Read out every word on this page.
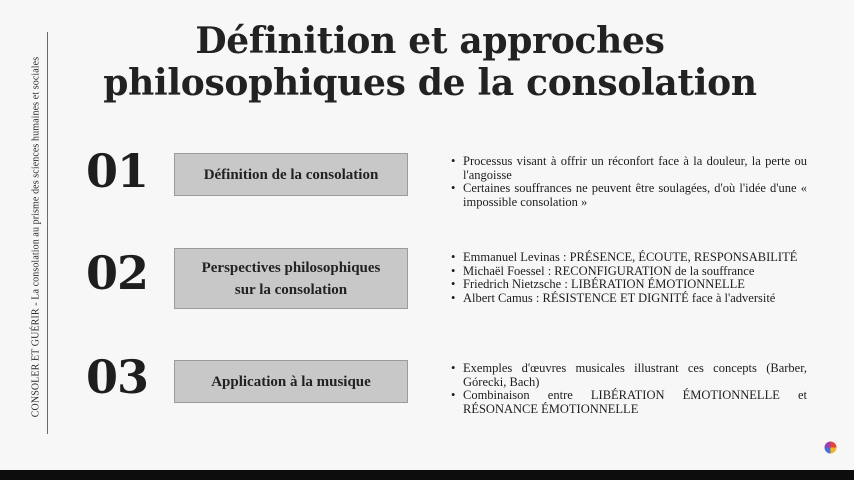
CONSOLER ET GUÉRIR - La consolation au prisme des sciences humaines et sociales
Définition et approches
philosophiques de la consolation
01	Définition de la consolation
• Processus visant à offrir un réconfort face à la douleur, la perte ou l'angoisse
• Certaines souffrances ne peuvent être soulagées, d'où l'idée d'une « impossible consolation »
02	Perspectives philosophiques
sur la consolation
• Emmanuel Levinas : PRÉSENCE, ÉCOUTE, RESPONSABILITÉ
• Michaël Foessel : RECONFIGURATION de la souffrance
• Friedrich Nietzsche : LIBÉRATION ÉMOTIONNELLE
• Albert Camus : RÉSISTENCE ET DIGNITÉ face à l'adversité
03	Application à la musique
• Exemples d'œuvres musicales illustrant ces concepts (Barber, Górecki, Bach)
• Combinaison entre LIBÉRATION ÉMOTIONNELLE et RÉSONANCE ÉMOTIONNELLE
